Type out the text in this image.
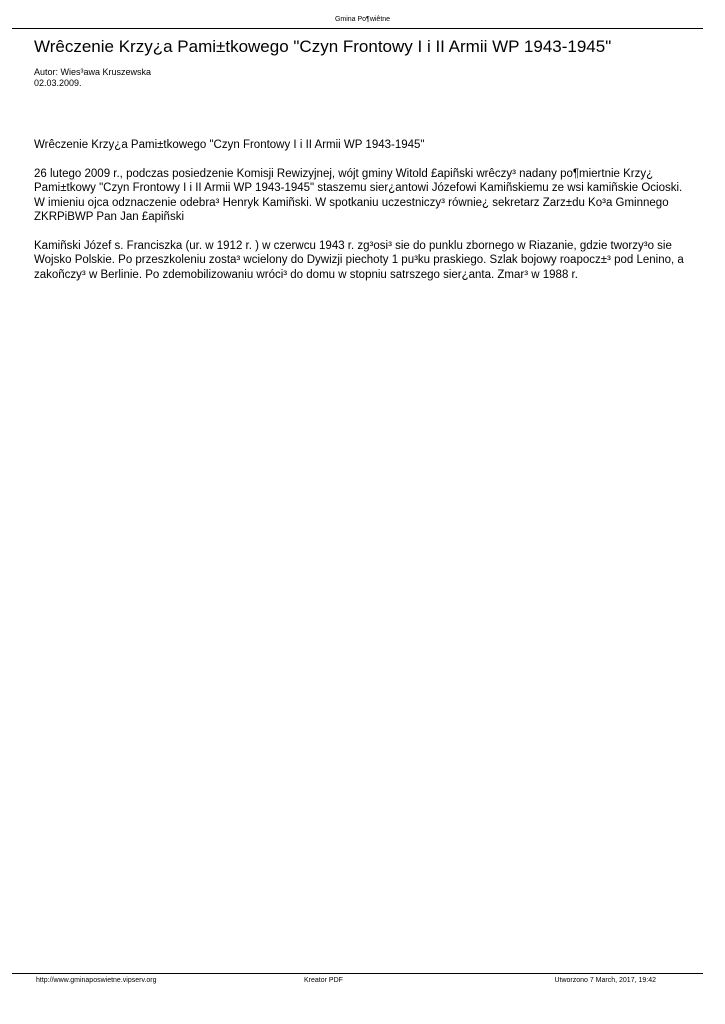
Gmina Po¶wiêtne
Wrêczenie Krzy¿a Pami±tkowego "Czyn Frontowy I i II Armii WP 1943-1945"
Autor: Wies³awa Kruszewska
02.03.2009.

Wrêczenie Krzy¿a Pami±tkowego "Czyn Frontowy I i II Armii WP 1943-1945"

26 lutego 2009 r., podczas posiedzenie Komisji Rewizyjnej, wójt gminy Witold £apiñski wrêczy³ nadany po¶miertnie Krzy¿ Pami±tkowy "Czyn Frontowy I i II Armii WP 1943-1945" staszemu sier¿antowi Józefowi Kamiñskiemu ze wsi kamiñskie Ocioski. W imieniu ojca odznaczenie odebra³ Henryk Kamiñski. W spotkaniu uczestniczy³ równie¿ sekretarz Zarz±du Ko³a Gminnego ZKRPiBWP Pan Jan £apiñski

Kamiñski Józef s. Franciszka (ur. w 1912 r. ) w czerwcu 1943 r. zg³osi³ sie do punklu zbornego w Riazanie, gdzie tworzy³o sie Wojsko Polskie. Po przeszkoleniu zosta³ wcielony do Dywizji piechoty 1 pu³ku praskiego. Szlak bojowy roapocz±³ pod Lenino, a zakoñczy³ w Berlinie. Po zdemobilizowaniu wróci³ do domu w stopniu satrszego sier¿anta. Zmar³ w 1988 r.

http://www.gminaposwietne.vipserv.org	Kreator PDF	Utworzono 7 March, 2017, 19:42
